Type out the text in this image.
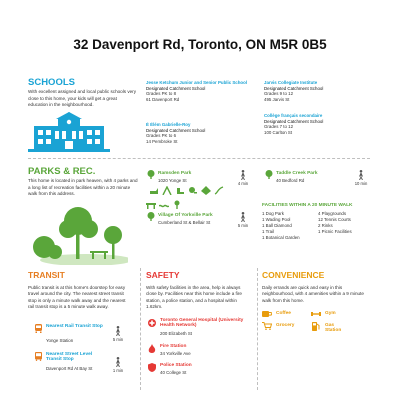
32 Davenport Rd, Toronto, ON M5R 0B5
SCHOOLS
With excellent assigned and local public schools very close to this home, your kids will get a great education in the neighbourhood.
Jesse Ketchum Junior and Senior Public School
Designated Catchment School
Grades PK to 8
61 Davenport Rd
Jarvis Collegiate Institute
Designated Catchment School
Grades 9 to 12
495 Jarvis St
É Élém Gabrielle-Roy
Designated Catchment School
Grades PK to 6
14 Pembroke St
Collège français secondaire
Designated Catchment School
Grades 7 to 12
100 Carlton St
PARKS & REC.
This home is located in park heaven, with 4 parks and a long list of recreation facilities within a 20 minute walk from this address.
Ramsden Park
1020 Yonge St
4 min
Village Of Yorkville Park
Cumberland St & Bellair St
5 min
Taddle Creek Park
40 Bedford Rd
10 min
FACILITIES WITHIN A 20 MINUTE WALK
1 Dog Park
1 Wading Pool
1 Ball Diamond
1 Trail
1 Botanical Garden
4 Playgrounds
12 Tennis Courts
2 Rinks
1 Picnic Facilities
TRANSIT
Public transit is at this home's doorstep for easy travel around the city. The nearest street transit stop is only a minute walk away and the nearest rail transit stop is a 5 minute walk away.
Nearest Rail Transit Stop
Yonge Station	5 min
Nearest Street Level Transit Stop
Davenport Rd At Bay St	1 min
SAFETY
With safety facilities in the area, help is always close by. Facilities near this home include a fire station, a police station, and a hospital within 1.62km.
Toronto General Hospital (University Health Network)
200 Elizabeth St
Fire Station
34 Yorkville Ave
Police Station
40 College St
CONVENIENCE
Daily errands are quick and easy in this neighbourhood, with 4 amenities within a 9 minute walk from this home.
Coffee	Gym
Grocery	Gas Station
